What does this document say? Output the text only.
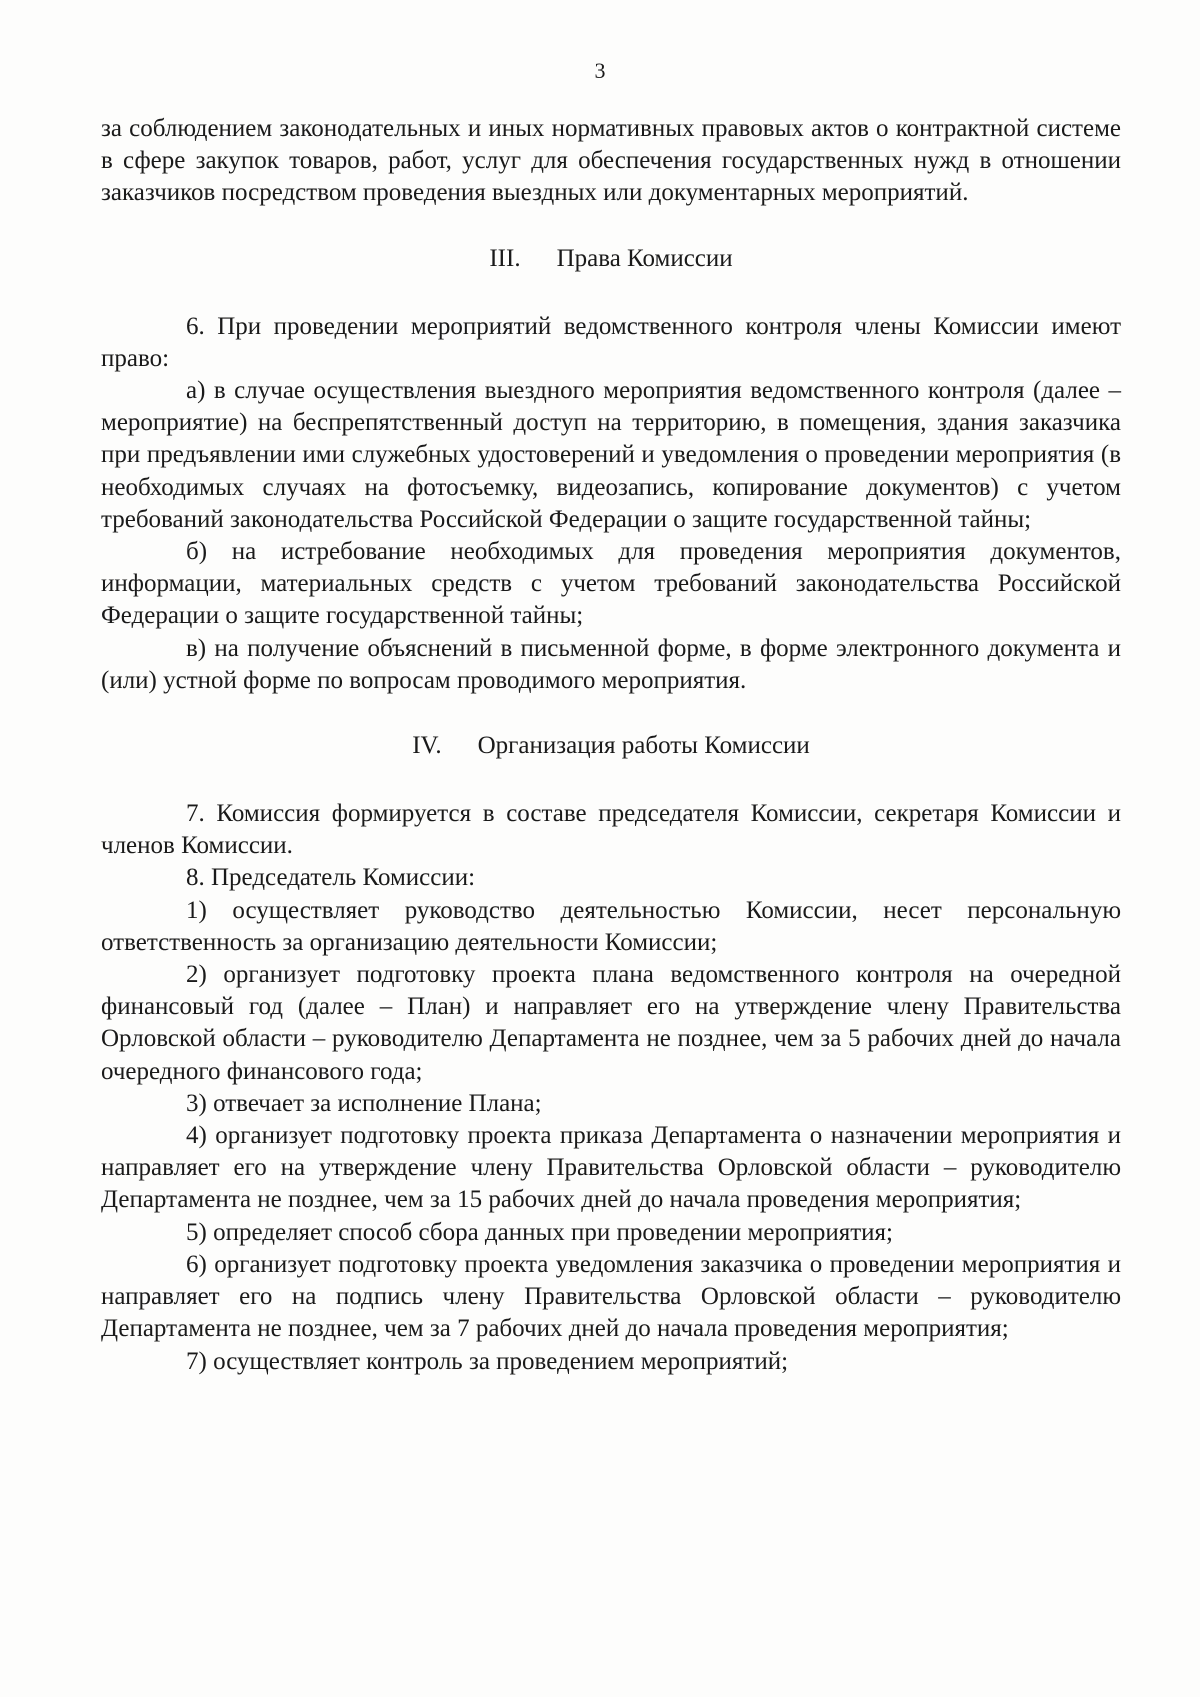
3

за соблюдением законодательных и иных нормативных правовых актов о контрактной системе в сфере закупок товаров, работ, услуг для обеспечения государственных нужд в отношении заказчиков посредством проведения выездных или документарных мероприятий.

III. Права Комиссии

6. При проведении мероприятий ведомственного контроля члены Комиссии имеют право:

а) в случае осуществления выездного мероприятия ведомственного контроля (далее – мероприятие) на беспрепятственный доступ на территорию, в помещения, здания заказчика при предъявлении ими служебных удостоверений и уведомления о проведении мероприятия (в необходимых случаях на фотосъемку, видеозапись, копирование документов) с учетом требований законодательства Российской Федерации о защите государственной тайны;

б) на истребование необходимых для проведения мероприятия документов, информации, материальных средств с учетом требований законодательства Российской Федерации о защите государственной тайны;

в) на получение объяснений в письменной форме, в форме электронного документа и (или) устной форме по вопросам проводимого мероприятия.

IV. Организация работы Комиссии

7. Комиссия формируется в составе председателя Комиссии, секретаря Комиссии и членов Комиссии.

8. Председатель Комиссии:

1) осуществляет руководство деятельностью Комиссии, несет персональную ответственность за организацию деятельности Комиссии;

2) организует подготовку проекта плана ведомственного контроля на очередной финансовый год (далее – План) и направляет его на утверждение члену Правительства Орловской области – руководителю Департамента не позднее, чем за 5 рабочих дней до начала очередного финансового года;

3) отвечает за исполнение Плана;

4) организует подготовку проекта приказа Департамента о назначении мероприятия и направляет его на утверждение члену Правительства Орловской области – руководителю Департамента не позднее, чем за 15 рабочих дней до начала проведения мероприятия;

5) определяет способ сбора данных при проведении мероприятия;

6) организует подготовку проекта уведомления заказчика о проведении мероприятия и направляет его на подпись члену Правительства Орловской области – руководителю Департамента не позднее, чем за 7 рабочих дней до начала проведения мероприятия;

7) осуществляет контроль за проведением мероприятий;
